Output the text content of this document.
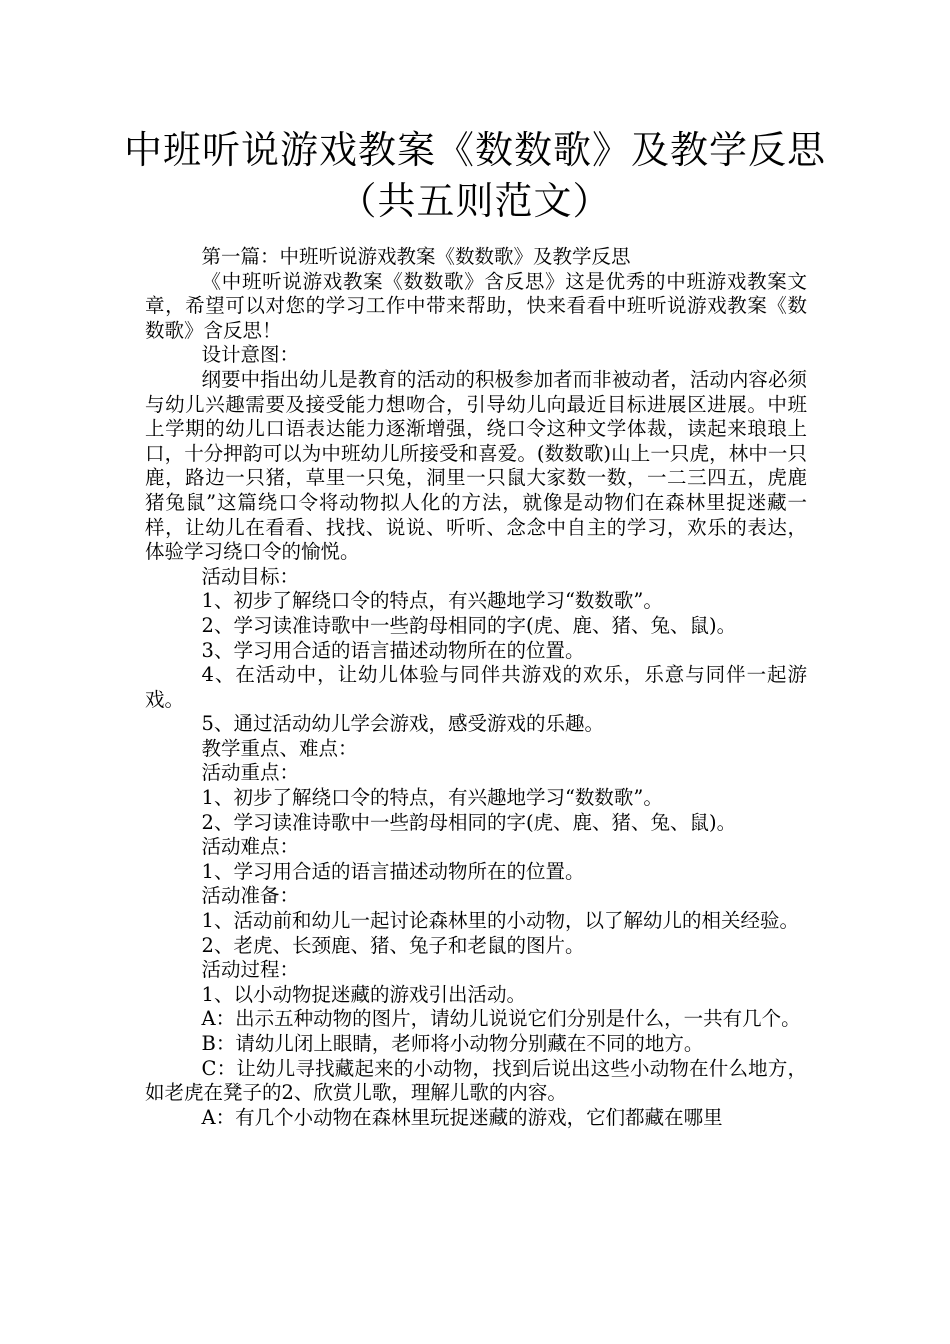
中班听说游戏教案《数数歌》及教学反思
（共五则范文）

第一篇：中班听说游戏教案《数数歌》及教学反思

《中班听说游戏教案《数数歌》含反思》这是优秀的中班游戏教案文章，希望可以对您的学习工作中带来帮助，快来看看中班听说游戏教案《数数歌》含反思！

设计意图：

纲要中指出幼儿是教育的活动的积极参加者而非被动者，活动内容必须与幼儿兴趣需要及接受能力想吻合，引导幼儿向最近目标进展区进展。中班上学期的幼儿口语表达能力逐渐增强，绕口令这种文学体裁，读起来琅琅上口，十分押韵可以为中班幼儿所接受和喜爱。(数数歌)山上一只虎，林中一只鹿，路边一只猪，草里一只兔，洞里一只鼠大家数一数，一二三四五，虎鹿猪兔鼠”这篇绕口令将动物拟人化的方法，就像是动物们在森林里捉迷藏一样，让幼儿在看看、找找、说说、听听、念念中自主的学习，欢乐的表达，体验学习绕口令的愉悦。

活动目标：

1、初步了解绕口令的特点，有兴趣地学习“数数歌”。

2、学习读准诗歌中一些韵母相同的字(虎、鹿、猪、兔、鼠)。

3、学习用合适的语言描述动物所在的位置。

4、在活动中，让幼儿体验与同伴共游戏的欢乐，乐意与同伴一起游戏。

5、通过活动幼儿学会游戏，感受游戏的乐趣。

教学重点、难点：

活动重点：

1、初步了解绕口令的特点，有兴趣地学习“数数歌”。

2、学习读准诗歌中一些韵母相同的字(虎、鹿、猪、兔、鼠)。

活动难点：

1、学习用合适的语言描述动物所在的位置。

活动准备：

1、活动前和幼儿一起讨论森林里的小动物，以了解幼儿的相关经验。

2、老虎、长颈鹿、猪、兔子和老鼠的图片。

活动过程：

1、以小动物捉迷藏的游戏引出活动。

A：出示五种动物的图片，请幼儿说说它们分别是什么，一共有几个。

B：请幼儿闭上眼睛，老师将小动物分别藏在不同的地方。

C：让幼儿寻找藏起来的小动物，找到后说出这些小动物在什么地方，如老虎在凳子的2、欣赏儿歌，理解儿歌的内容。

A：有几个小动物在森林里玩捉迷藏的游戏，它们都藏在哪里
